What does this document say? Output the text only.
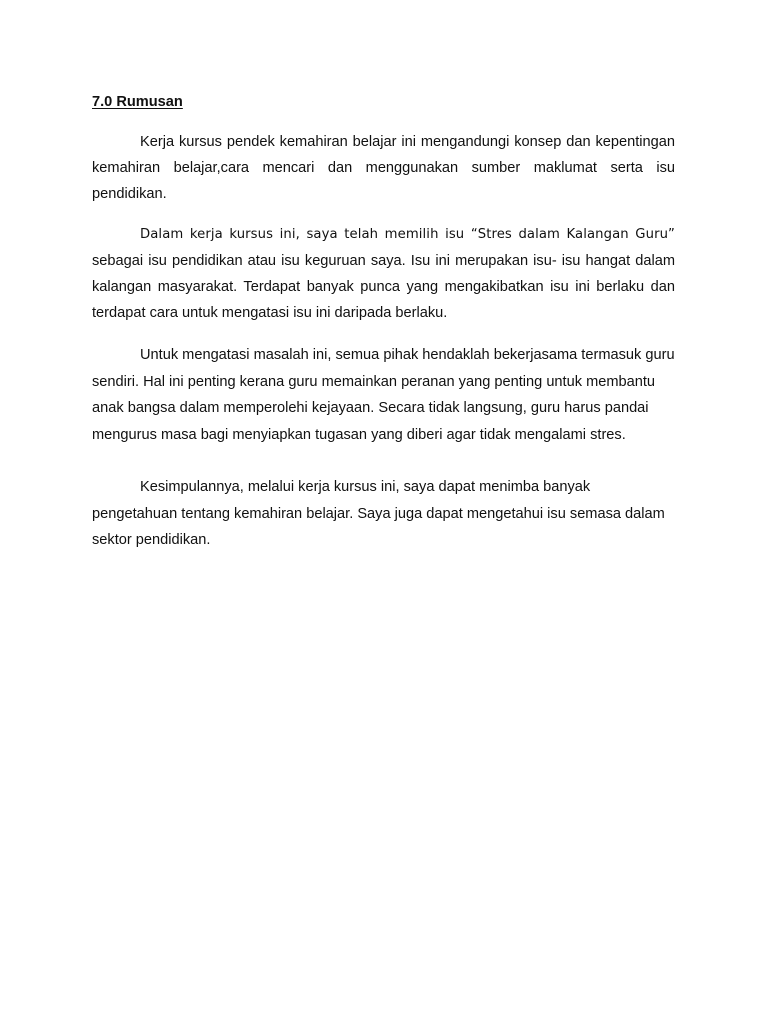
7.0 Rumusan

Kerja kursus pendek kemahiran belajar ini mengandungi konsep dan kepentingan kemahiran belajar,cara mencari dan menggunakan sumber maklumat serta isu pendidikan.

Dalam kerja kursus ini, saya telah memilih isu “Stres dalam Kalangan Guru” sebagai isu pendidikan atau isu keguruan saya. Isu ini merupakan isu- isu hangat dalam kalangan masyarakat. Terdapat banyak punca yang mengakibatkan isu ini berlaku dan terdapat cara untuk mengatasi isu ini daripada berlaku.

Untuk mengatasi masalah ini, semua pihak hendaklah bekerjasama termasuk guru sendiri. Hal ini penting kerana guru memainkan peranan yang penting untuk membantu anak bangsa dalam memperolehi kejayaan. Secara tidak langsung, guru harus pandai mengurus masa bagi menyiapkan tugasan yang diberi agar tidak mengalami stres.

Kesimpulannya, melalui kerja kursus ini, saya dapat menimba banyak pengetahuan tentang kemahiran belajar. Saya juga dapat mengetahui isu semasa dalam sektor pendidikan.
